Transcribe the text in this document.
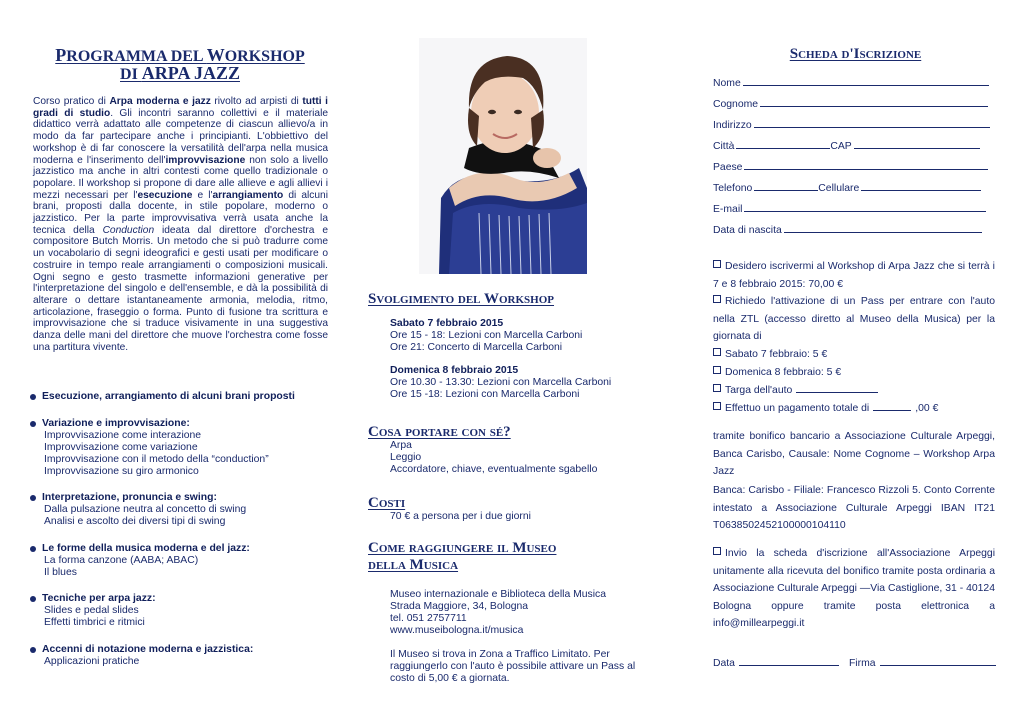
PROGRAMMA DEL WORKSHOP
DI ARPA JAZZ

Corso pratico di Arpa moderna e jazz rivolto ad arpisti di tutti i gradi di studio. Gli incontri saranno collettivi e il materiale didattico verrà adattato alle competenze di ciascun allievo/a in modo da far partecipare anche i principianti. L'obbiettivo del workshop è di far conoscere la versatilità dell'arpa nella musica moderna e l'inserimento dell'improvvisazione non solo a livello jazzistico ma anche in altri contesti come quello tradizionale o popolare. Il workshop si propone di dare alle allieve e agli allievi i mezzi necessari per l'esecuzione e l'arrangiamento di alcuni brani, proposti dalla docente, in stile popolare, moderno o jazzistico. Per la parte improvvisativa verrà usata anche la tecnica della Conduction ideata dal direttore d'orchestra e compositore Butch Morris. Un metodo che si può tradurre come un vocabolario di segni ideografici e gesti usati per modificare o costruire in tempo reale arrangiamenti o composizioni musicali. Ogni segno e gesto trasmette informazioni generative per l'interpretazione del singolo e dell'ensemble, e dà la possibilità di alterare o dettare istantaneamente armonia, melodia, ritmo, articolazione, fraseggio o forma. Punto di fusione tra scrittura e improvvisazione che si traduce visivamente in una suggestiva danza delle mani del direttore che muove l'orchestra come fosse una partitura vivente.

Esecuzione, arrangiamento di alcuni brani proposti
Variazione e improvvisazione:
Improvvisazione come interazione
Improvvisazione come variazione
Improvvisazione con il metodo della “conduction”
Improvvisazione su giro armonico
Interpretazione, pronuncia e swing:
Dalla pulsazione neutra al concetto di swing
Analisi e ascolto dei diversi tipi di swing
Le forme della musica moderna e del jazz:
La forma canzone (AABA; ABAC)
Il blues
Tecniche per arpa jazz:
Slides e pedal slides
Effetti timbrici e ritmici
Accenni di notazione moderna e jazzistica:
Applicazioni pratiche
Svolgimento del Workshop
Sabato 7 febbraio 2015
Ore 15 - 18: Lezioni con Marcella Carboni
Ore 21: Concerto di Marcella Carboni
Domenica 8 febbraio 2015
Ore 10.30 - 13.30: Lezioni con Marcella Carboni
Ore 15 -18: Lezioni con Marcella Carboni
Cosa portare con sé?
Arpa
Leggio
Accordatore, chiave, eventualmente sgabello
Costi
70 € a persona per i due giorni
Come raggiungere il Museo
della Musica
Museo internazionale e Biblioteca della Musica
Strada Maggiore, 34, Bologna
tel. 051 2757711
www.museibologna.it/musica
Il Museo si trova in Zona a Traffico Limitato. Per
raggiungerlo con l'auto è possibile attivare un Pass al
costo di 5,00 € a giornata.
Scheda d'Iscrizione
Nome
Cognome
Indirizzo
Città	CAP
Paese
Telefono	Cellulare
E-mail
Data di nascita

Desidero iscrivermi al Workshop di Arpa Jazz che si terrà i 7 e 8 febbraio 2015: 70,00 €

Richiedo l'attivazione di un Pass per entrare con l'auto nella ZTL (accesso diretto al Museo della Musica) per la giornata di

Sabato 7 febbraio: 5 €

Domenica 8 febbraio: 5 €

Targa dell'auto

Effettuo un pagamento totale di	,00 €

tramite bonifico bancario a Associazione Culturale Arpeggi, Banca Carisbo, Causale: Nome Cognome – Workshop Arpa Jazz

Banca: Carisbo - Filiale: Francesco Rizzoli 5. Conto Corrente intestato a Associazione Culturale Arpeggi IBAN IT21 T0638502452100000104110

Invio la scheda d'iscrizione all'Associazione Arpeggi unitamente alla ricevuta del bonifico tramite posta ordinaria a Associazione Culturale Arpeggi —Via Castiglione, 31 - 40124 Bologna oppure tramite posta elettronica a info@millearpeggi.it

Data	Firma
